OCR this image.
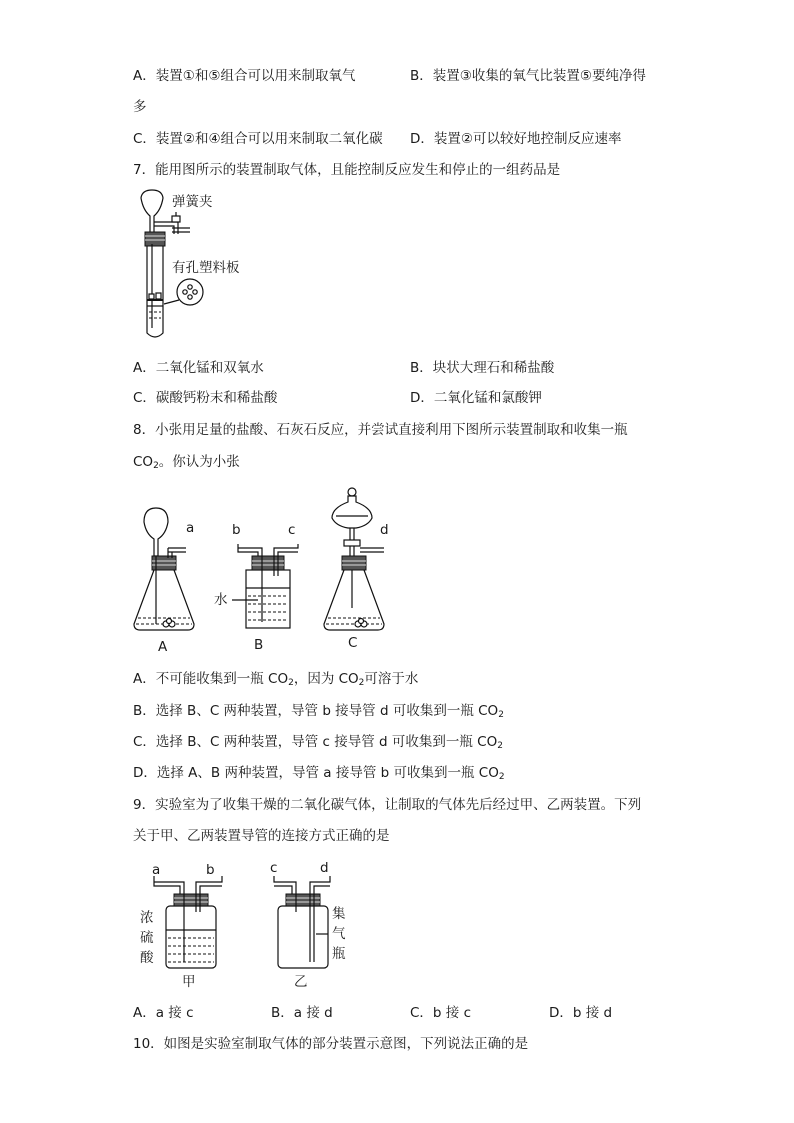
A．装置①和⑤组合可以用来制取氧气	B．装置③收集的氧气比装置⑤要纯净得
多
C．装置②和④组合可以用来制取二氧化碳 D．装置②可以较好地控制反应速率
7．能用图所示的装置制取气体，且能控制反应发生和停止的一组药品是
弹簧夹
有孔塑料板
A．二氧化锰和双氧水	B．块状大理石和稀盐酸
C．碳酸钙粉末和稀盐酸	D．二氧化锰和氯酸钾
8．小张用足量的盐酸、石灰石反应，并尝试直接利用下图所示装置制取和收集一瓶
$CO_2$。你认为小张
a	b	c	d
水
A	B	C
A．不可能收集到一瓶 $CO_2$，因为 $CO_2$可溶于水
B．选择 B、C 两种装置，导管 b 接导管 d 可收集到一瓶 $CO_2$
C．选择 B、C 两种装置，导管 c 接导管 d 可收集到一瓶 $CO_2$
D．选择 A、B 两种装置，导管 a 接导管 b 可收集到一瓶 $CO_2$
9．实验室为了收集干燥的二氧化碳气体，让制取的气体先后经过甲、乙两装置。下列
关于甲、乙两装置导管的连接方式正确的是
a	b	c	d
浓
硫
酸
集
气
瓶
甲	乙
A．a 接 c	B．a 接 d	C．b 接 c	D．b 接 d
10．如图是实验室制取气体的部分装置示意图，下列说法正确的是
